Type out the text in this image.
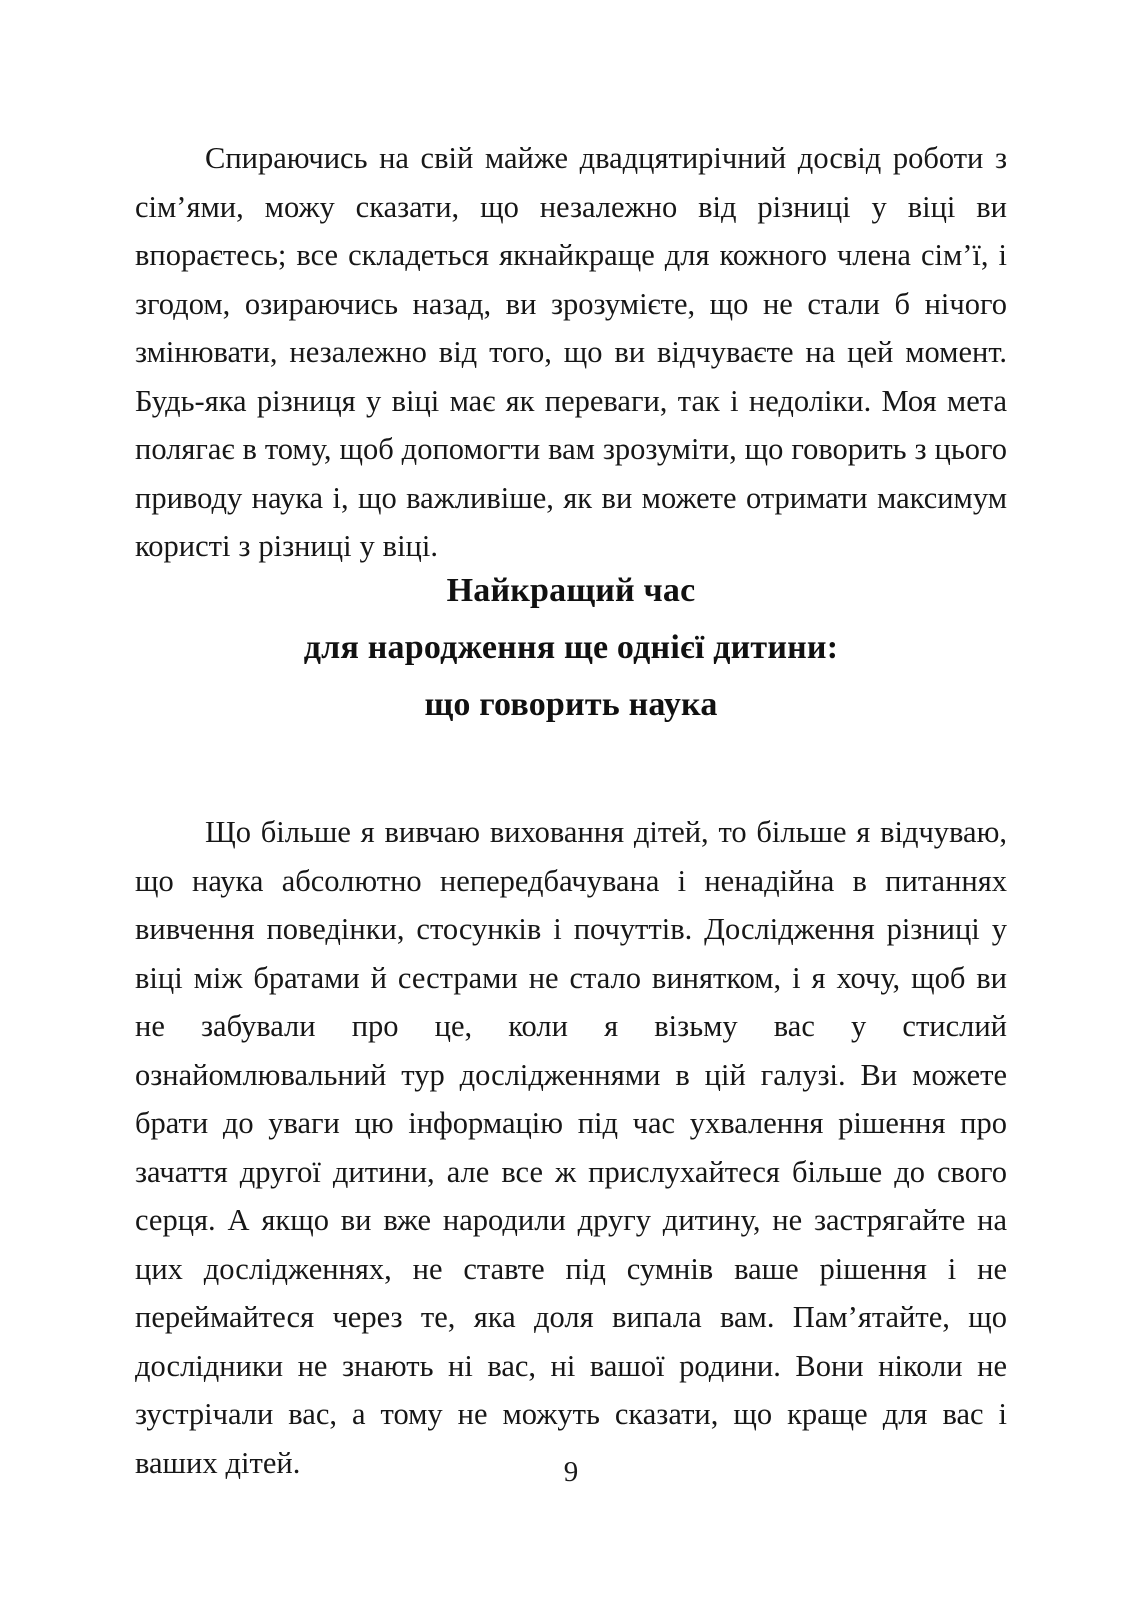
Спираючись на свій майже двадцятирічний досвід роботи з сім’ями, можу сказати, що незалежно від різниці у віці ви впораєтесь; все складеться якнайкраще для кожного члена сім’ї, і згодом, озираючись назад, ви зрозумієте, що не стали б нічого змінювати, незалежно від того, що ви відчуваєте на цей момент. Будь-яка різниця у віці має як переваги, так і недоліки. Моя мета полягає в тому, щоб допомогти вам зрозуміти, що говорить з цього приводу наука і, що важливіше, як ви можете отримати максимум користі з різниці у віці.

Найкращий час
для народження ще однієї дитини:
що говорить наука

Що більше я вивчаю виховання дітей, то більше я відчуваю, що наука абсолютно непередбачувана і ненадійна в питаннях вивчення поведінки, стосунків і почуттів. Дослідження різниці у віці між братами й сестрами не стало винятком, і я хочу, щоб ви не забували про це, коли я візьму вас у стислий ознайомлювальний тур дослідженнями в цій галузі. Ви можете брати до уваги цю інформацію під час ухвалення рішення про зачаття другої дитини, але все ж прислухайтеся більше до свого серця. А якщо ви вже народили другу дитину, не застрягайте на цих дослідженнях, не ставте під сумнів ваше рішення і не переймайтеся через те, яка доля випала вам. Пам’ятайте, що дослідники не знають ні вас, ні вашої родини. Вони ніколи не зустрічали вас, а тому не можуть сказати, що краще для вас і ваших дітей.	9
